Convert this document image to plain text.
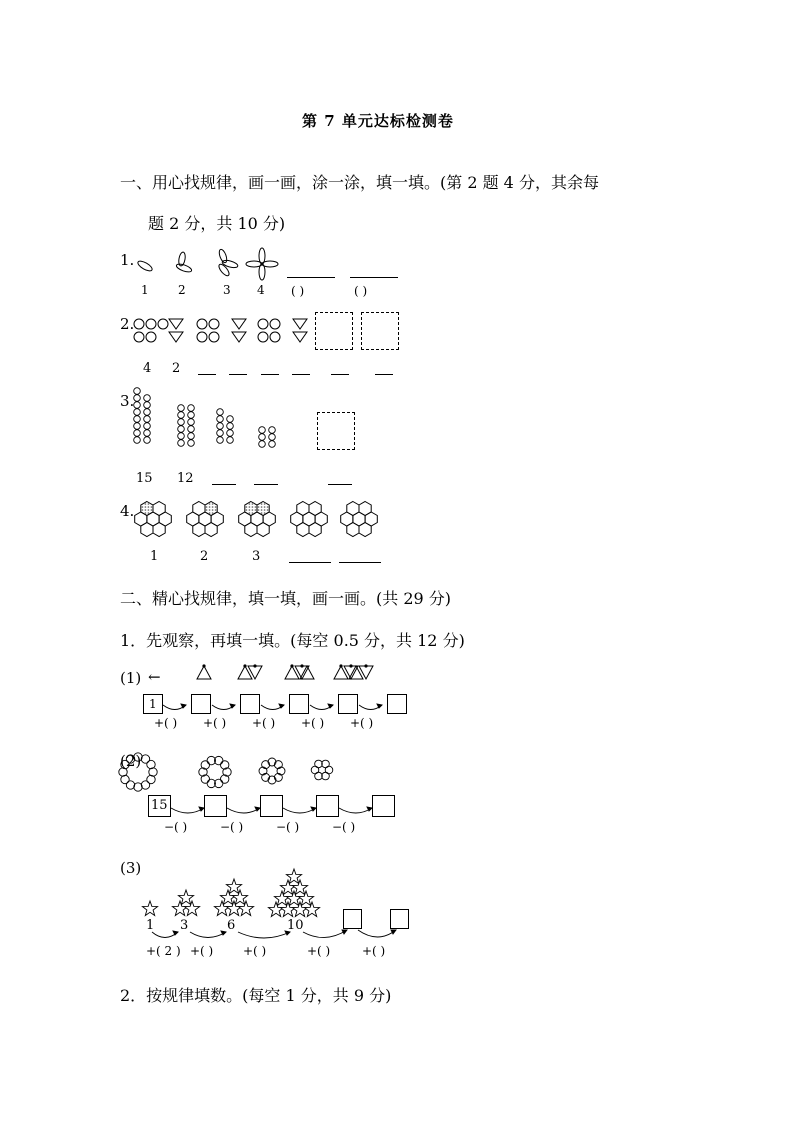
第 7 单元达标检测卷
一、用心找规律，画一画，涂一涂，填一填。(第 2 题 4 分，其余每
题 2 分，共 10 分)
1.
1 2	3 4 ( )	( )
2.
4 2
3.
15 12
4.
1	2	3
二、精心找规律，填一填，画一画。(共 29 分)
1．先观察，再填一填。(每空 0.5 分，共 12 分)
(1) ←
1
+( ) +( ) +( ) +( ) +( )
(2)
15
−( )	−( )	−( )	−( )
(3)
1 3	6	10
+( 2 ) +( ) +( )	+( )	+( )
2．按规律填数。(每空 1 分，共 9 分)
